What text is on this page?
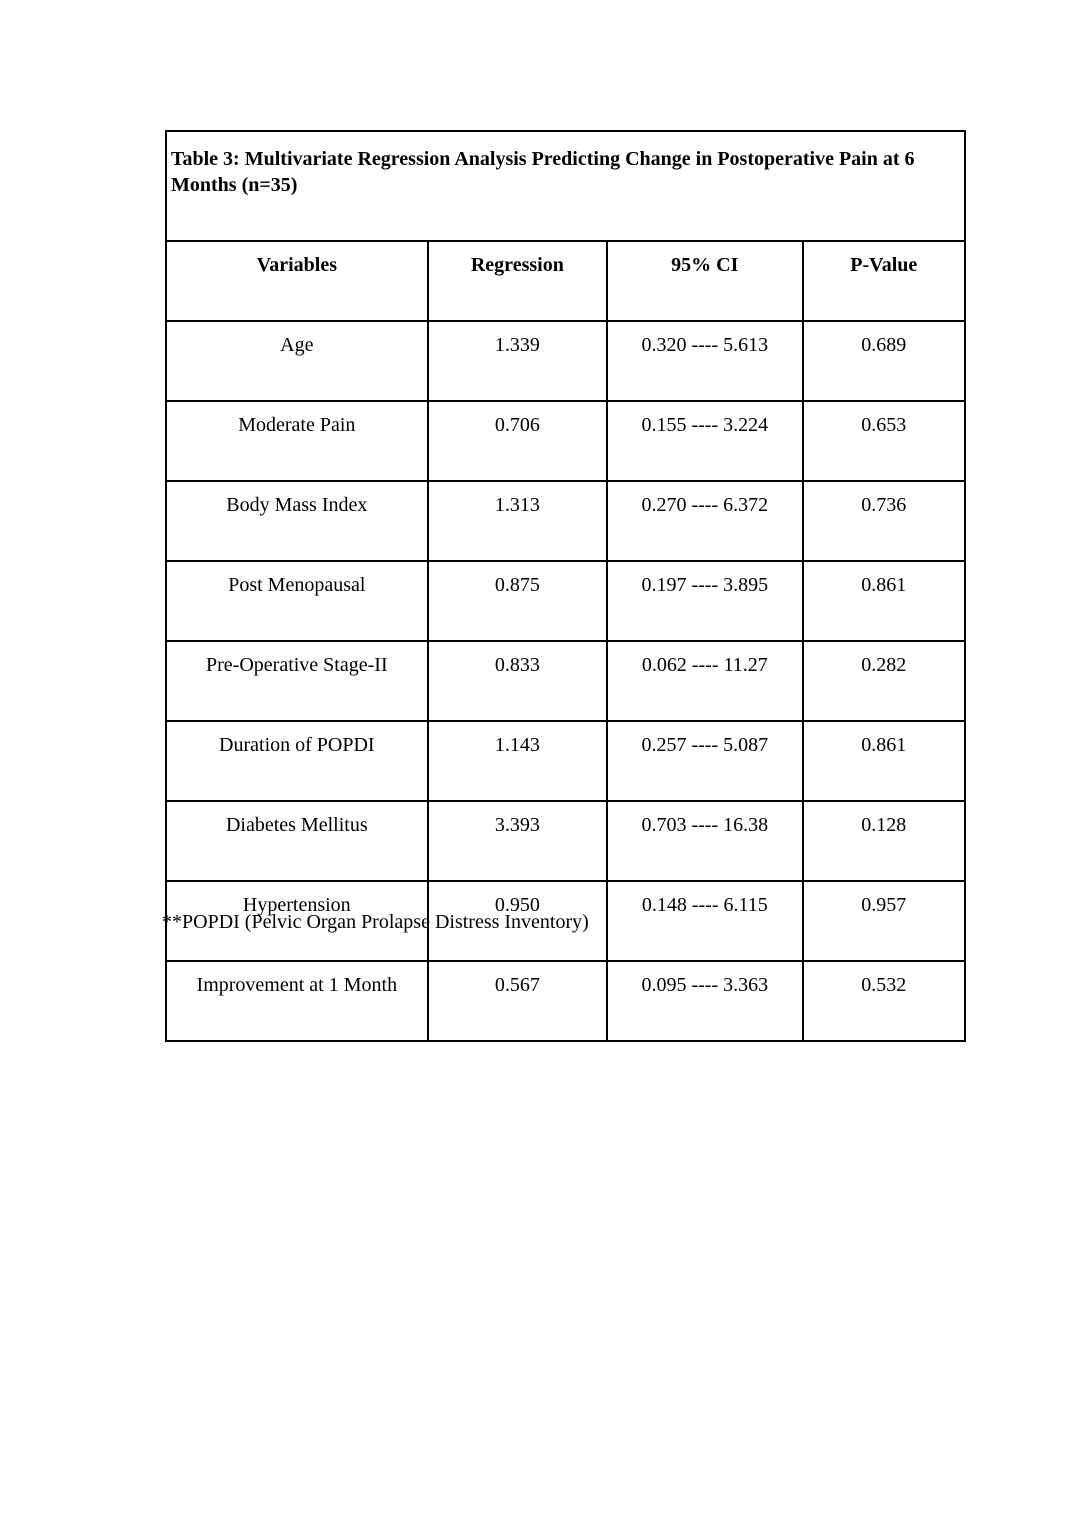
Table 3: Multivariate Regression Analysis Predicting Change in Postoperative Pain at 6 Months (n=35)			
Variables	Regression	95% CI	P-Value
Age	1.339	0.320 ---- 5.613	0.689
Moderate Pain	0.706	0.155 ---- 3.224	0.653
Body Mass Index	1.313	0.270 ---- 6.372	0.736
Post Menopausal	0.875	0.197 ---- 3.895	0.861
Pre-Operative Stage-II	0.833	0.062 ---- 11.27	0.282
Duration of POPDI	1.143	0.257 ---- 5.087	0.861
Diabetes Mellitus	3.393	0.703 ---- 16.38	0.128
Hypertension	0.950	0.148 ---- 6.115	0.957
Improvement at 1 Month	0.567	0.095 ---- 3.363	0.532
**POPDI (Pelvic Organ Prolapse Distress Inventory)
